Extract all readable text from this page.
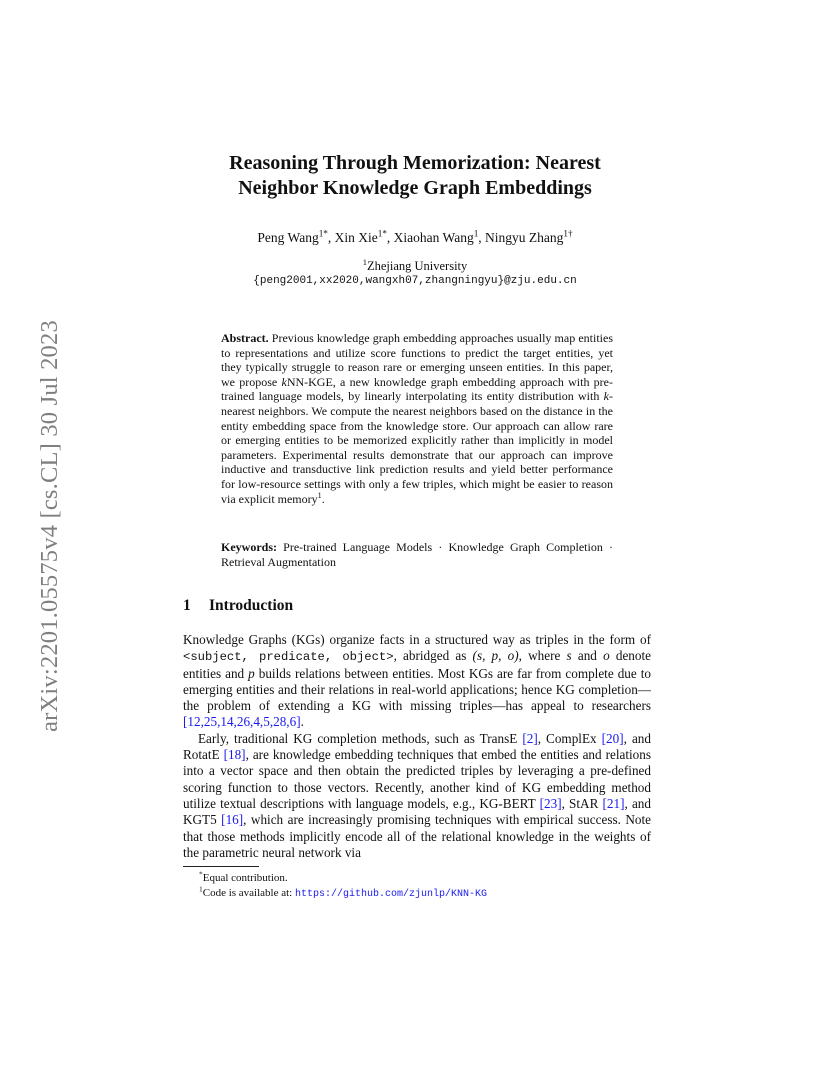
arXiv:2201.05575v4 [cs.CL] 30 Jul 2023
Reasoning Through Memorization: Nearest
Neighbor Knowledge Graph Embeddings
Peng Wang$^{1*}$, Xin Xie$^{1*}$, Xiaohan Wang$^1$, Ningyu Zhang$^{1\dagger}$
$^1$Zhejiang University
{peng2001,xx2020,wangxh07,zhangningyu}@zju.edu.cn
Abstract. Previous knowledge graph embedding approaches usually map entities to representations and utilize score functions to predict the target entities, yet they typically struggle to reason rare or emerging unseen entities. In this paper, we propose kNN-KGE, a new knowledge graph embedding approach with pre-trained language models, by linearly interpolating its entity distribution with k-nearest neighbors. We compute the nearest neighbors based on the distance in the entity embedding space from the knowledge store. Our approach can allow rare or emerging entities to be memorized explicitly rather than implicitly in model parameters. Experimental results demonstrate that our approach can improve inductive and transductive link prediction results and yield better performance for low-resource settings with only a few triples, which might be easier to reason via explicit memory$^1$.
Keywords: Pre-trained Language Models · Knowledge Graph Completion · Retrieval Augmentation
1 Introduction

Knowledge Graphs (KGs) organize facts in a structured way as triples in the form of <subject, predicate, object>, abridged as (s, p, o), where s and o denote entities and p builds relations between entities. Most KGs are far from complete due to emerging entities and their relations in real-world applications; hence KG completion—the problem of extending a KG with missing triples—has appeal to researchers [12,25,14,26,4,5,28,6].

Early, traditional KG completion methods, such as TransE [2], ComplEx [20], and RotatE [18], are knowledge embedding techniques that embed the entities and relations into a vector space and then obtain the predicted triples by leveraging a pre-defined scoring function to those vectors. Recently, another kind of KG embedding method utilize textual descriptions with language models, e.g., KG-BERT [23], StAR [21], and KGT5 [16], which are increasingly promising techniques with empirical success. Note that those methods implicitly encode all of the relational knowledge in the weights of the parametric neural network via

*Equal contribution.
$^1$Code is available at: https://github.com/zjunlp/KNN-KG
